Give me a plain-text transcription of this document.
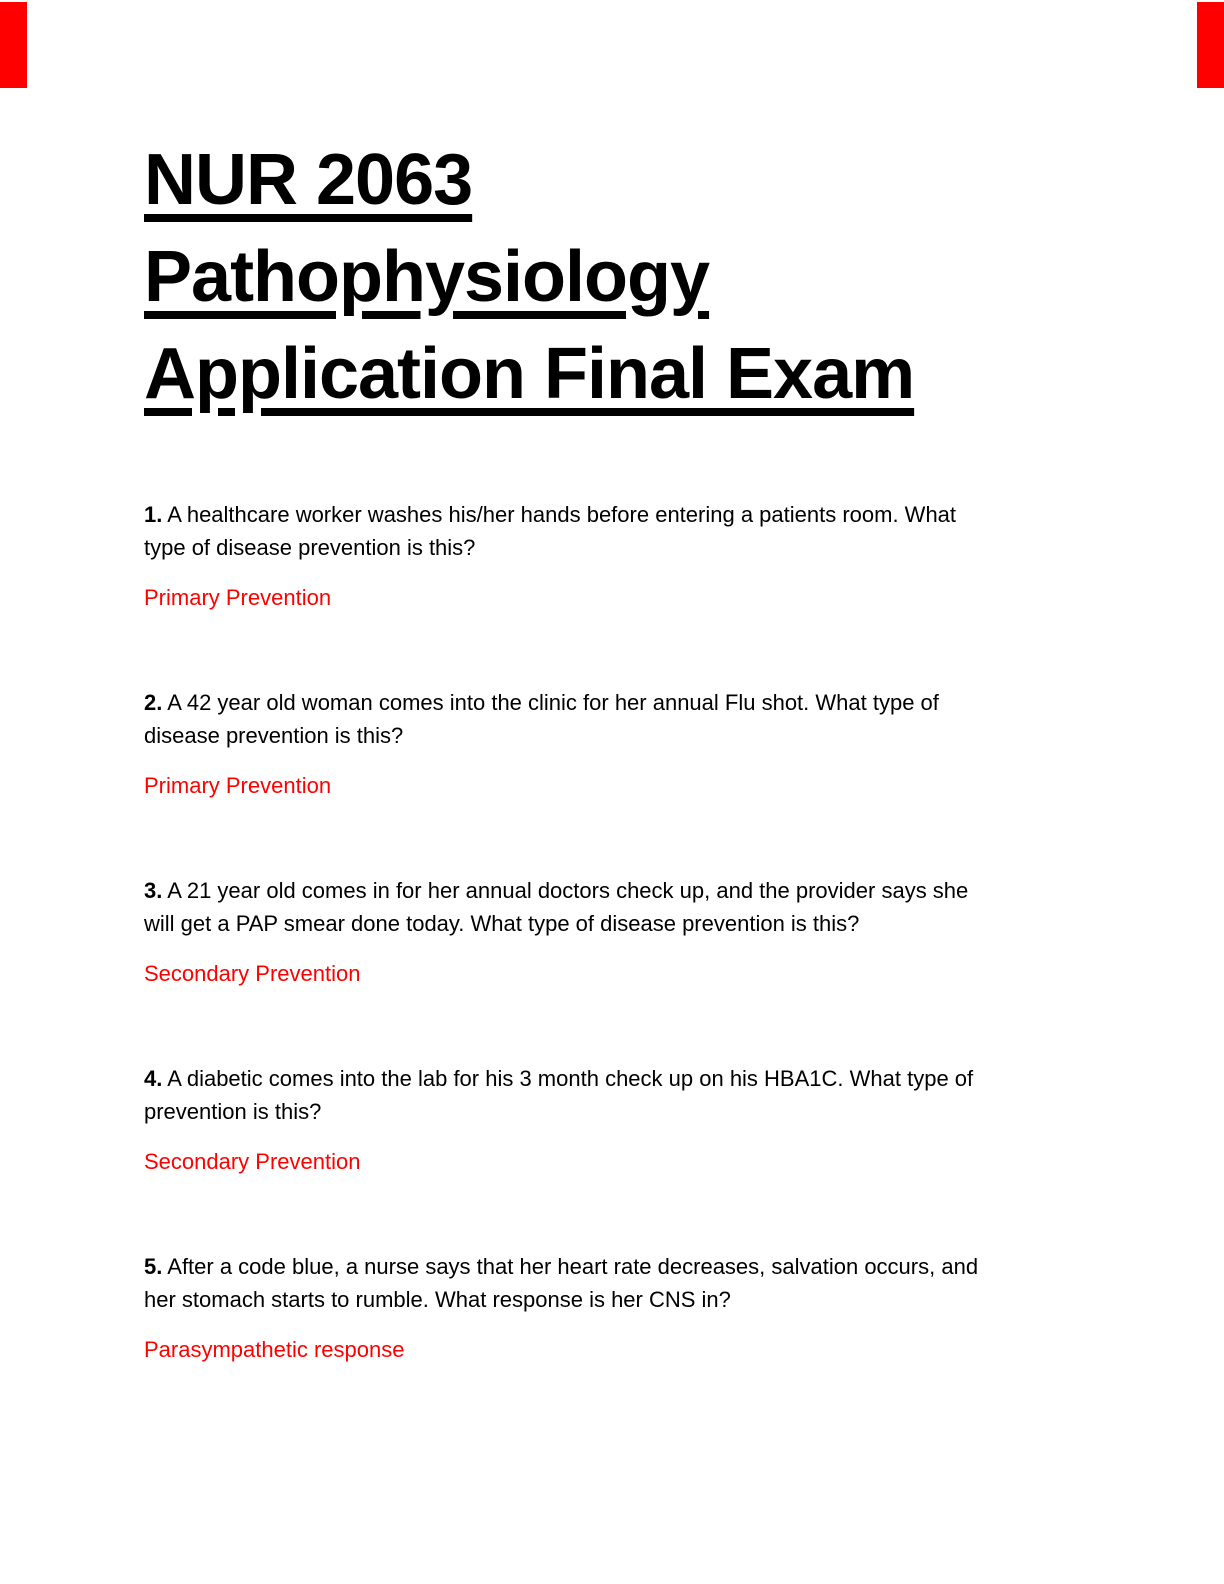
NUR 2063
Pathophysiology
Application Final Exam

1. A healthcare worker washes his/her hands before entering a patients room. What
type of disease prevention is this?

Primary Prevention

2. A 42 year old woman comes into the clinic for her annual Flu shot. What type of
disease prevention is this?

Primary Prevention

3. A 21 year old comes in for her annual doctors check up, and the provider says she
will get a PAP smear done today. What type of disease prevention is this?

Secondary Prevention

4. A diabetic comes into the lab for his 3 month check up on his HBA1C. What type of
prevention is this?

Secondary Prevention

5. After a code blue, a nurse says that her heart rate decreases, salvation occurs, and
her stomach starts to rumble. What response is her CNS in?

Parasympathetic response
